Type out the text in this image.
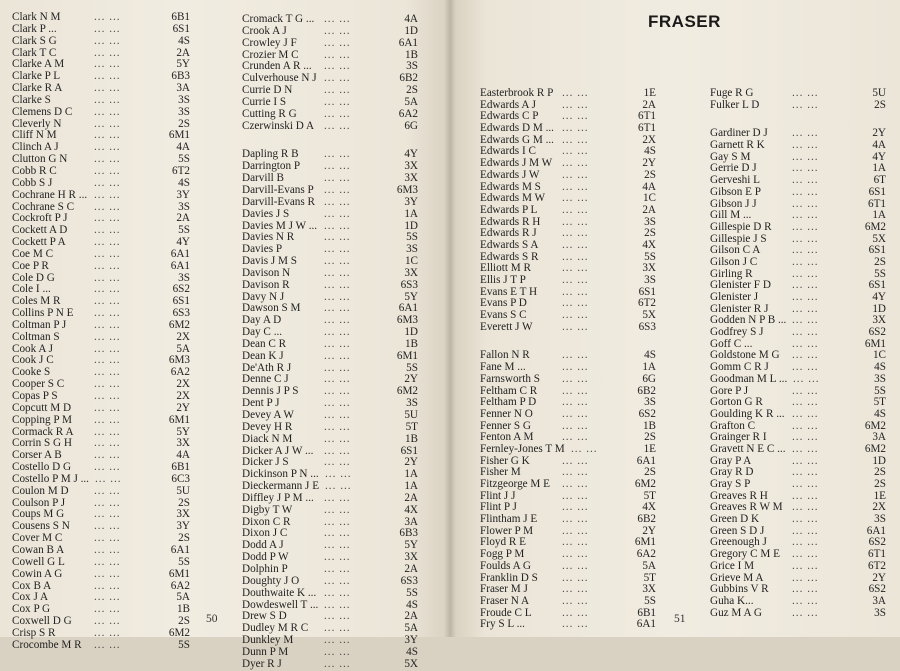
Clark N M	... ...	6B1
Clark P ...	... ...	6S1
Clark S G	... ...	4S
Clark T C	... ...	2A
Clarke A M	... ...	5Y
Clarke P L	... ...	6B3
Clarke R A	... ...	3A
Clarke S	... ...	3S
Clemens D C ... ...	3S
Cleverly N	... ...	2S
Cliff N M	... ...	6M1
Clinch A J	... ...	4A
Clutton G N ... ...	5S
Cobb R C	... ...	6T2
Cobb S J	... ...	4S
Cochrane H R ... ... ...	3Y
Cochrane S C ... ...	3S
Cockroft P J ... ...	2A
Cockett A D ... ...	5S
Cockett P A	... ...	4Y
Coe M C	... ...	6A1
Coe P R	... ...	6A1
Cole D G	... ...	3S
Cole I ...	... ...	6S2
Coles M R	... ...	6S1
Collins P N E ... ...	6S3
Coltman P J ... ...	6M2
Coltman S	... ...	2X
Cook A J	... ...	5A
Cook J C	... ...	6M3
Cooke S	... ...	6A2
Cooper S C	... ...	2X
Copas P S	... ...	2X
Copcutt M D ... ...	2Y
Copping P M ... ...	6M1
Cormack R A ... ...	5Y
Corrin S G H ... ...	3X
Corser A B	... ...	4A
Costello D G ... ...	6B1
Costello P M J ... ... ...	6C3
Coulon M D ... ...	5U
Coulson P J	... ...	2S
Coups M G	... ...	3X
Cousens S N ... ...	3Y
Cover M C	... ...	2S
Cowan B A	... ...	6A1
Cowell G L	... ...	5S
Cowin A G	... ...	6M1
Cox B A	... ...	6A2
Cox J A	... ...	5A
Cox P G	... ...	1B
Coxwell D G ... ...	2S
Crisp S R	... ...	6M2
Crocombe M R ... ...	5S
Cromack T G ... ... ...	4A
Crook A J	... ...	1D
Crowley J F ... ...	6A1
Crozier M C ... ...	1B
Crunden A R ... ... ...	3S
Culverhouse N J ... ...	6B2
Currie D N	... ...	2S
Currie I S	... ...	5A
Cutting R G ... ...	6A2
Czerwinski D A ... ...	6G
Dapling R B ... ...	4Y
Darrington P ... ...	3X
Darvill B	... ...	3X
Darvill-Evans P ... ...	6M3
Darvill-Evans R ... ...	3Y
Davies J S	... ...	1A
Davies M J W ... ... ...	1D
Davies N R	... ...	5S
Davies P	... ...	3S
Davis J M S ... ...	1C
Davison N	... ...	3X
Davison R	... ...	6S3
Davy N J	... ...	5Y
Dawson S M ... ...	6A1
Day A D	... ...	6M3
Day C ...	... ...	1D
Dean C R	... ...	1B
Dean K J	... ...	6M1
De'Ath R J	... ...	5S
Denne C J	... ...	2Y
Dennis J P S ... ...	6M2
Dent P J	... ...	3S
Devey A W	... ...	5U
Devey H R	... ...	5T
Diack N M	... ...	1B
Dicker A J W ... ... ...	6S1
Dicker J S	... ...	2Y
Dickinson P N ... ... ...	1A
Dieckermann J E ... ...	1A
Diffley J P M ... ... ...	2A
Digby T W	... ...	4X
Dixon C R	... ...	3A
Dixon J C	... ...	6B3
Dodd A J	... ...	5Y
Dodd P W	... ...	3X
Dolphin P	... ...	2A
Doughty J O ... ...	6S3
Douthwaite K ... ... ...	5S
Dowdeswell T ... ... ...	4S
Drew S D	... ...	2A
Dudley M R C ... ...	5A
Dunkley M	... ...	3Y
Dunn P M	... ...	4S
Dyer R J	... ...	5X
50
FRASER
Easterbrook R P ... ...	1E
Edwards A J ... ...	2A
Edwards C P ... ...	6T1
Edwards D M ... ... ...	6T1
Edwards G M ... ... ...	2X
Edwards I C ... ...	4S
Edwards J M W ... ...	2Y
Edwards J W ... ...	2S
Edwards M S ... ...	4A
Edwards M W ... ...	1C
Edwards P L ... ...	2A
Edwards R H ... ...	3S
Edwards R J ... ...	2S
Edwards S A ... ...	4X
Edwards S R ... ...	5S
Elliott M R	... ...	3X
Ellis J T P	... ...	3S
Evans E T H ... ...	6S1
Evans P D	... ...	6T2
Evans S C	... ...	5X
Everett J W	... ...	6S3
Fallon N R	... ...	4S
Fane M ...	... ...	1A
Farnsworth S ... ...	6G
Feltham C R ... ...	6B2
Feltham P D ... ...	3S
Fenner N O	... ...	6S2
Fenner S G	... ...	1B
Fenton A M	... ...	2S
Fernley-Jones T M ... ...	1E
Fisher G K	... ...	6A1
Fisher M	... ...	2S
Fitzgeorge M E ... ...	6M2
Flint J J	... ...	5T
Flint P J	... ...	4X
Flintham J E ... ...	6B2
Flower P M	... ...	2Y
Floyd R E	... ...	6M1
Fogg P M	... ...	6A2
Foulds A G	... ...	5A
Franklin D S ... ...	5T
Fraser M J	... ...	3X
Fraser N A	... ...	5S
Froude C L	... ...	6B1
Fry S L ...	... ...	6A1
Fuge R G	... ...	5U
Fulker L D	... ...	2S
Gardiner D J ... ...	2Y
Garnett R K ... ...	4A
Gay S M	... ...	4Y
Gerrie D J	... ...	1A
Gerveshi L	... ...	6T
Gibson E P	... ...	6S1
Gibson J J	... ...	6T1
Gill M ...	... ...	1A
Gillespie D R ... ...	6M2
Gillespie J S ... ...	5X
Gilson C A	... ...	6S1
Gilson J C	... ...	2S
Girling R	... ...	5S
Glenister F D ... ...	6S1
Glenister J	... ...	4Y
Glenister R J ... ...	1D
Godden N P B ... ... ...	3X
Godfrey S J	... ...	6S2
Goff C ...	... ...	6M1
Goldstone M G ... ...	1C
Gomm C R J ... ...	4S
Goodman M L ... ... ...	3S
Gore P J	... ...	5S
Gorton G R	... ...	5T
Goulding K R ... ... ...	4S
Grafton C	... ...	6M2
Grainger R I ... ...	3A
Gravett N E C ... ... ...	6M2
Gray P A	... ...	1D
Gray R D	... ...	2S
Gray S P	... ...	2S
Greaves R H ... ...	1E
Greaves R W M ... ...	2X
Green D K	... ...	3S
Green S D J ... ...	6A1
Greenough J ... ...	6S2
Gregory C M E ... ...	6T1
Grice I M	... ...	6T2
Grieve M A	... ...	2Y
Gubbins V R ... ...	6S2
Guha K...	... ...	3A
Guz M A G	... ...	3S
51
